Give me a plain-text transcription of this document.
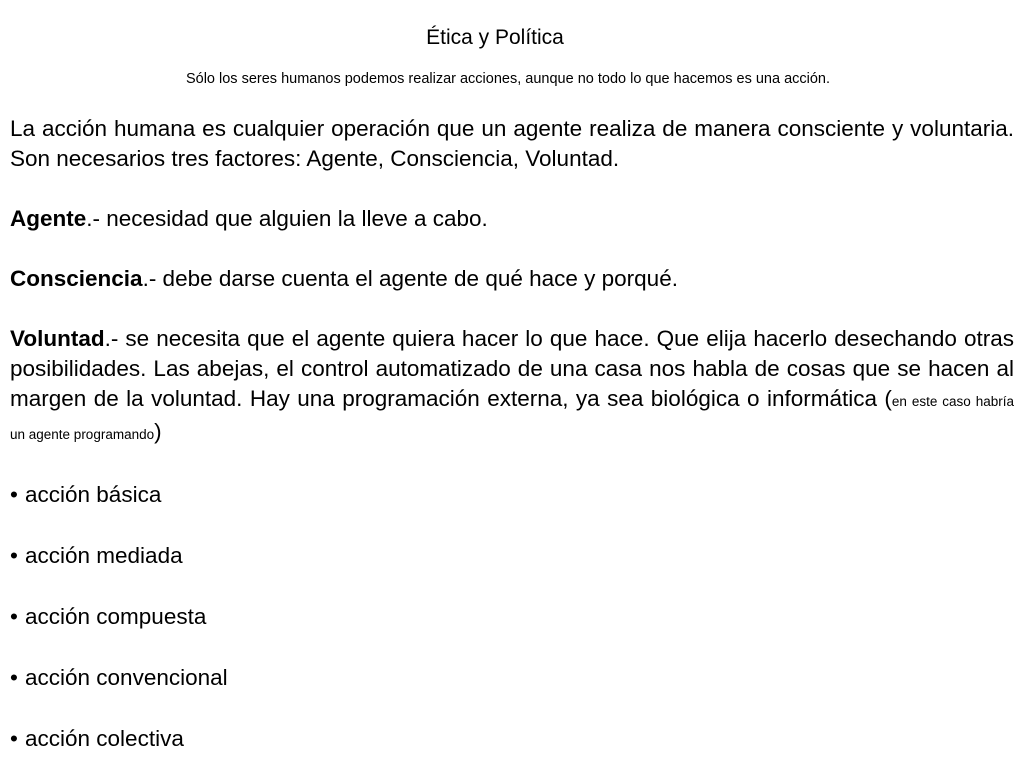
Ética y Política
Sólo los seres humanos podemos realizar acciones, aunque no todo lo que hacemos es una acción.

La acción humana es cualquier operación que un agente realiza de manera consciente y voluntaria. Son necesarios tres factores: Agente, Consciencia, Voluntad.

Agente.- necesidad que alguien la lleve a cabo.

Consciencia.- debe darse cuenta el agente de qué hace y porqué.

Voluntad.- se necesita que el agente quiera hacer lo que hace. Que elija hacerlo desechando otras posibilidades. Las abejas, el control automatizado de una casa nos habla de cosas que se hacen al margen de la voluntad. Hay una programación externa, ya sea biológica o informática (en este caso habría un agente programando)

• acción básica
• acción mediada
• acción compuesta
• acción convencional
• acción colectiva
